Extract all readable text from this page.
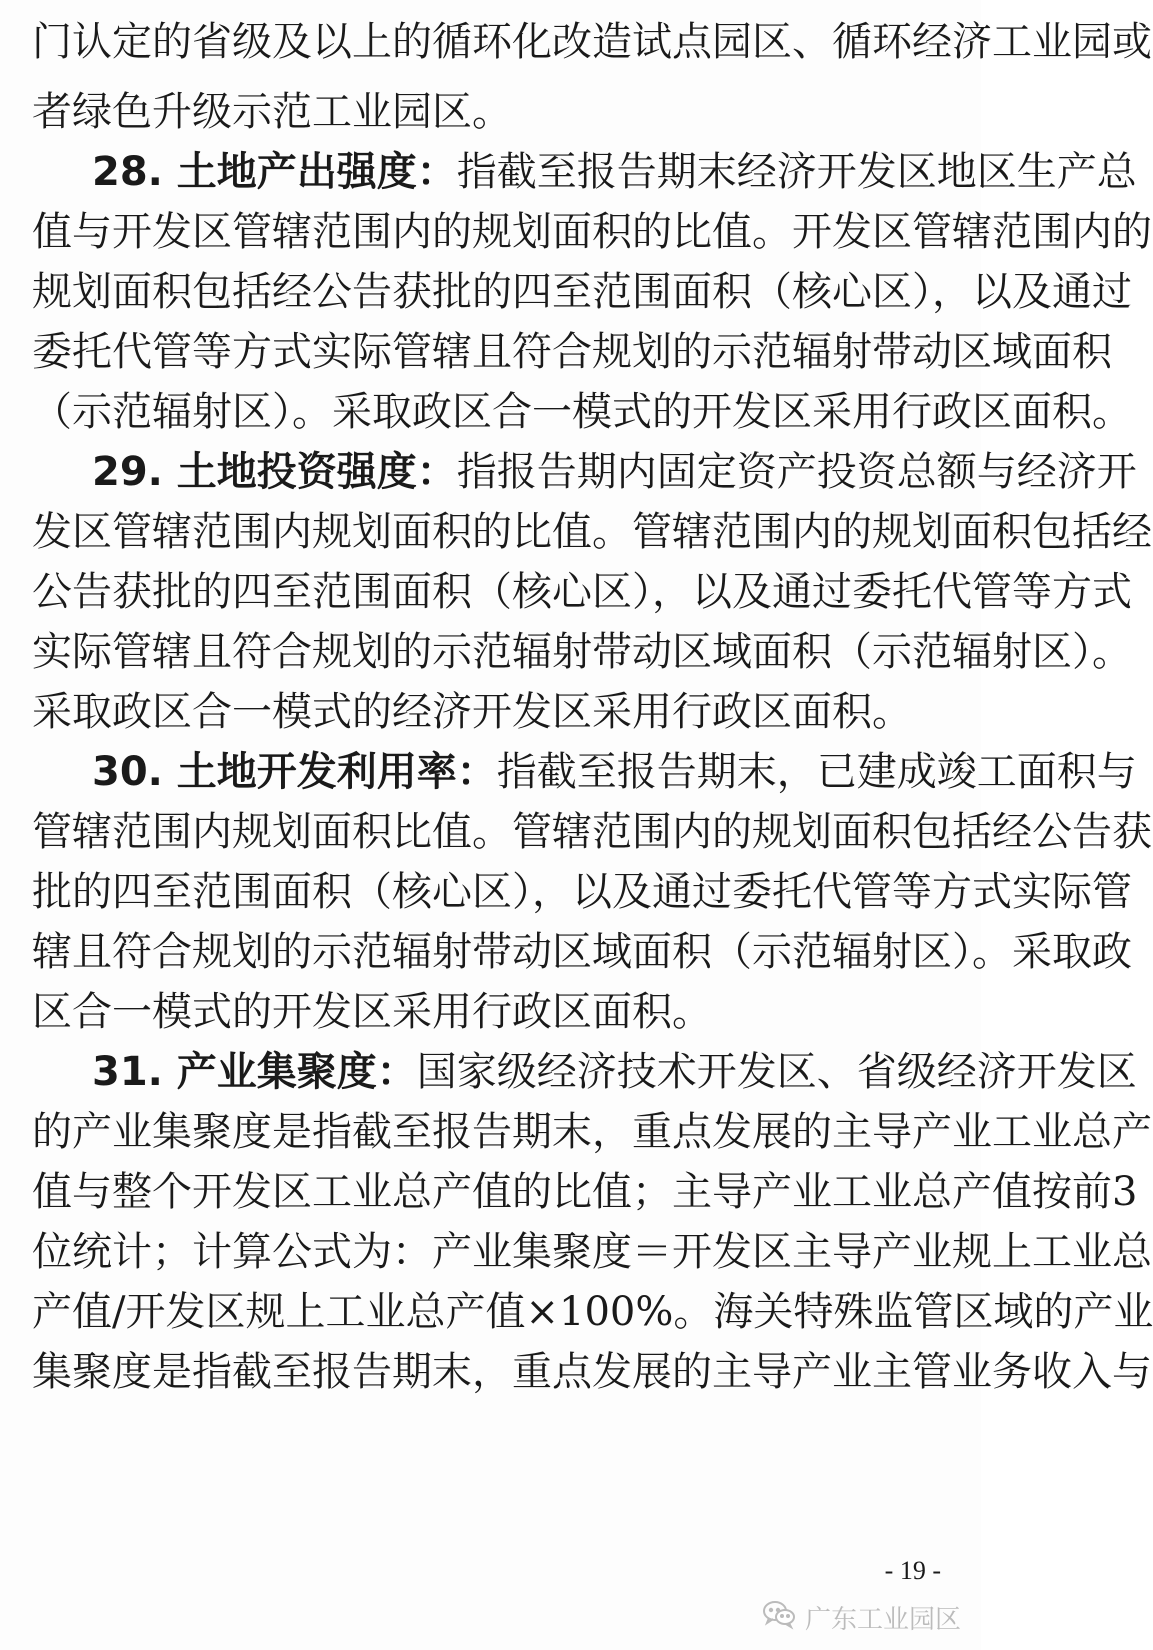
门认定的省级及以上的循环化改造试点园区、循环经济工业园或
者绿色升级示范工业园区。
28. 土地产出强度：指截至报告期末经济开发区地区生产总
值与开发区管辖范围内的规划面积的比值。开发区管辖范围内的
规划面积包括经公告获批的四至范围面积（核心区），以及通过
委托代管等方式实际管辖且符合规划的示范辐射带动区域面积
（示范辐射区）。采取政区合一模式的开发区采用行政区面积。
29. 土地投资强度：指报告期内固定资产投资总额与经济开
发区管辖范围内规划面积的比值。管辖范围内的规划面积包括经
公告获批的四至范围面积（核心区），以及通过委托代管等方式
实际管辖且符合规划的示范辐射带动区域面积（示范辐射区）。
采取政区合一模式的经济开发区采用行政区面积。
30. 土地开发利用率：指截至报告期末，已建成竣工面积与
管辖范围内规划面积比值。管辖范围内的规划面积包括经公告获
批的四至范围面积（核心区），以及通过委托代管等方式实际管
辖且符合规划的示范辐射带动区域面积（示范辐射区）。采取政
区合一模式的开发区采用行政区面积。
31. 产业集聚度：国家级经济技术开发区、省级经济开发区
的产业集聚度是指截至报告期末，重点发展的主导产业工业总产
值与整个开发区工业总产值的比值；主导产业工业总产值按前3
位统计；计算公式为：产业集聚度＝开发区主导产业规上工业总
产值/开发区规上工业总产值×100%。海关特殊监管区域的产业
集聚度是指截至报告期末，重点发展的主导产业主管业务收入与
- 19 -
广东工业园区
